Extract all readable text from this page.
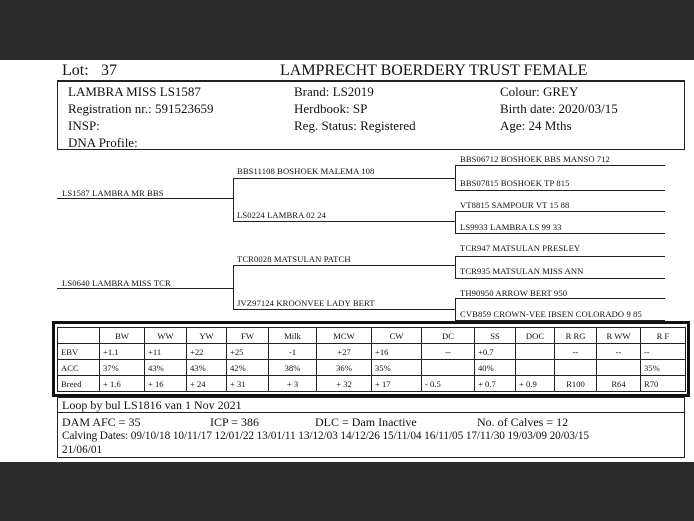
Lot: 37	LAMPRECHT BOERDERY TRUST FEMALE
LAMBRA MISS LS1587
Registration nr.: 591523659
INSP:
DNA Profile:
Brand: LS2019
Herdbook: SP
Reg. Status: Registered
Colour: GREY
Birth date: 2020/03/15
Age: 24 Mths
LS1587 LAMBRA MR BBS
LS0640 LAMBRA MISS TCR
BBS11108 BOSHOEK MALEMA 108
LS0224 LAMBRA 02 24
TCR0028 MATSULAN PATCH
JVZ97124 KROONVEE LADY BERT
BBS06712 BOSHOEK BBS MANSO 712
BBS07815 BOSHOEK TP 815
VT8815 SAMPOUR VT 15 88
LS9933 LAMBRA LS 99 33
TCR947 MATSULAN PRESLEY
TCR935 MATSULAN MISS ANN
TH90950 ARROW BERT 950
CVB859 CROWN-VEE IBSEN COLORADO 9 85
	BW	WW	YW	FW	Milk	MCW	CW	DC	SS	DOC	R RG	R WW	R F
EBV	+1.1	+11	+22	+25	-1	+27	+16	--	+0.7		--	--	--
ACC	37%	43%	43%	42%	38%	36%	35%		40%				35%
Breed	+ 1.6	+ 16	+ 24	+ 31	+ 3	+ 32	+ 17	- 0.5	+ 0.7	+ 0.9	R100	R64	R70
Loop by bul LS1816 van 1 Nov 2021
DAM AFC = 35	ICP = 386	DLC = Dam Inactive	No. of Calves = 12
Calving Dates: 09/10/18 10/11/17 12/01/22 13/01/11 13/12/03 14/12/26 15/11/04 16/11/05 17/11/30 19/03/09 20/03/15
21/06/01
